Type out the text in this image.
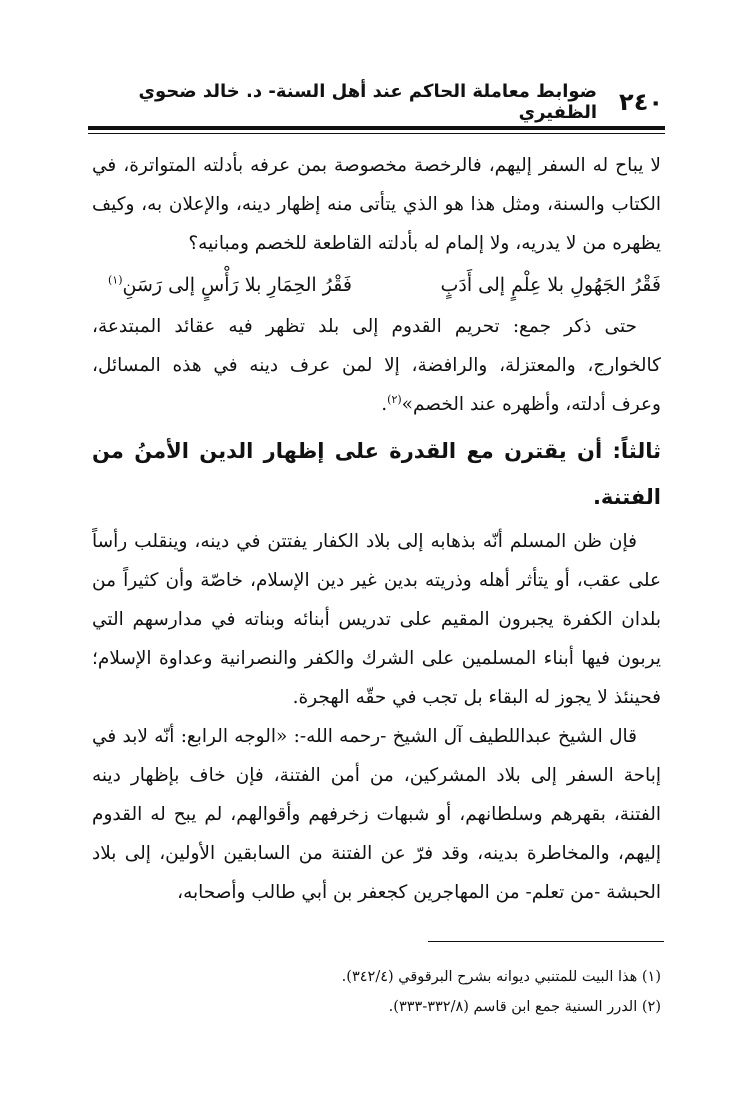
٢٤٠
ضوابط معاملة الحاكم عند أهل السنة- د. خالد ضحوي الظفيري

لا يباح له السفر إليهم، فالرخصة مخصوصة بمن عرفه بأدلته المتواترة، في الكتاب والسنة، ومثل هذا هو الذي يتأتى منه إظهار دينه، والإعلان به، وكيف يظهره من لا يدريه، ولا إلمام له بأدلته القاطعة للخصم ومبانيه؟

فَقْرُ الجَهُولِ بلا عِلْمٍ إلى أَدَبٍ
فَقْرُ الحِمَارِ بلا رَأْسٍ إلى رَسَنِ$^{(١)}$

حتى ذكر جمع: تحريم القدوم إلى بلد تظهر فيه عقائد المبتدعة، كالخوارج، والمعتزلة، والرافضة، إلا لمن عرف دينه في هذه المسائل، وعرف أدلته، وأظهره عند الخصم»$^{(٢)}$.

ثالثاً: أن يقترن مع القدرة على إظهار الدين الأمنُ من الفتنة.

فإن ظن المسلم أنّه بذهابه إلى بلاد الكفار يفتتن في دينه، وينقلب رأساً على عقب، أو يتأثر أهله وذريته بدين غير دين الإسلام، خاصّة وأن كثيراً من بلدان الكفرة يجبرون المقيم على تدريس أبنائه وبناته في مدارسهم التي يربون فيها أبناء المسلمين على الشرك والكفر والنصرانية وعداوة الإسلام؛ فحينئذ لا يجوز له البقاء بل تجب في حقّه الهجرة.

قال الشيخ عبداللطيف آل الشيخ -رحمه الله-: «الوجه الرابع: أنّه لابد في إباحة السفر إلى بلاد المشركين، من أمن الفتنة، فإن خاف بإظهار دينه الفتنة، بقهرهم وسلطانهم، أو شبهات زخرفهم وأقوالهم، لم يبح له القدوم إليهم، والمخاطرة بدينه، وقد فرّ عن الفتنة من السابقين الأولين، إلى بلاد الحبشة -من تعلم- من المهاجرين كجعفر بن أبي طالب وأصحابه،

(١) هذا البيت للمتنبي ديوانه بشرح البرقوقي (٣٤٢/٤).

(٢) الدرر السنية جمع ابن قاسم (٣٣٢/٨-٣٣٣).
